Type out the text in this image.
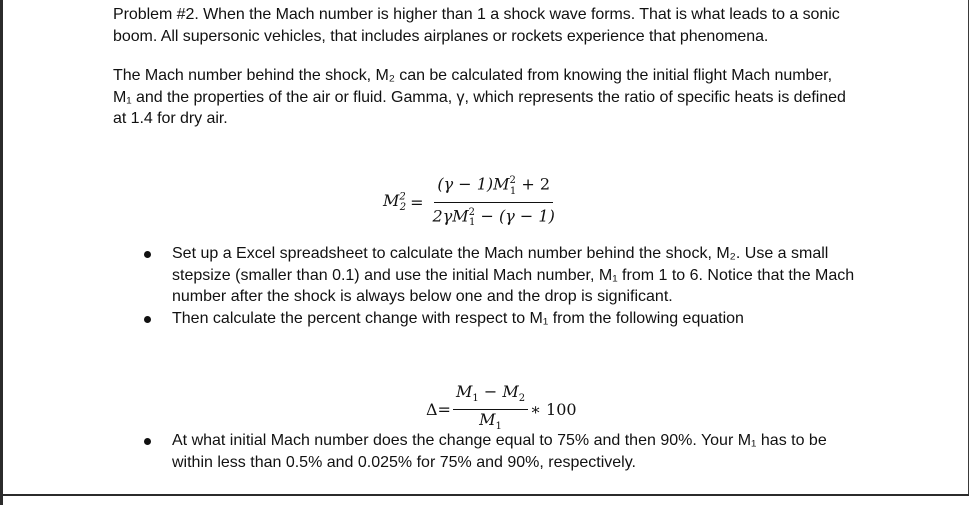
Problem #2. When the Mach number is higher than 1 a shock wave forms. That is what leads to a sonic boom. All supersonic vehicles, that includes airplanes or rockets experience that phenomena.

The Mach number behind the shock, M₂ can be calculated from knowing the initial flight Mach number, M₁ and the properties of the air or fluid. Gamma, γ, which represents the ratio of specific heats is defined at 1.4 for dry air.

$M^2_2 = \frac{(\gamma - 1)M^2_1 + 2}{2\gamma M^2_1 - (\gamma - 1)}$
Set up a Excel spreadsheet to calculate the Mach number behind the shock, M₂. Use a small stepsize (smaller than 0.1) and use the initial Mach number, M₁ from 1 to 6. Notice that the Mach number after the shock is always below one and the drop is significant.
Then calculate the percent change with respect to M₁ from the following equation
$\Delta= \frac{M_1 - M_2}{M_1}$ ∗ 100
At what initial Mach number does the change equal to 75% and then 90%. Your M₁ has to be within less than 0.5% and 0.025% for 75% and 90%, respectively.
